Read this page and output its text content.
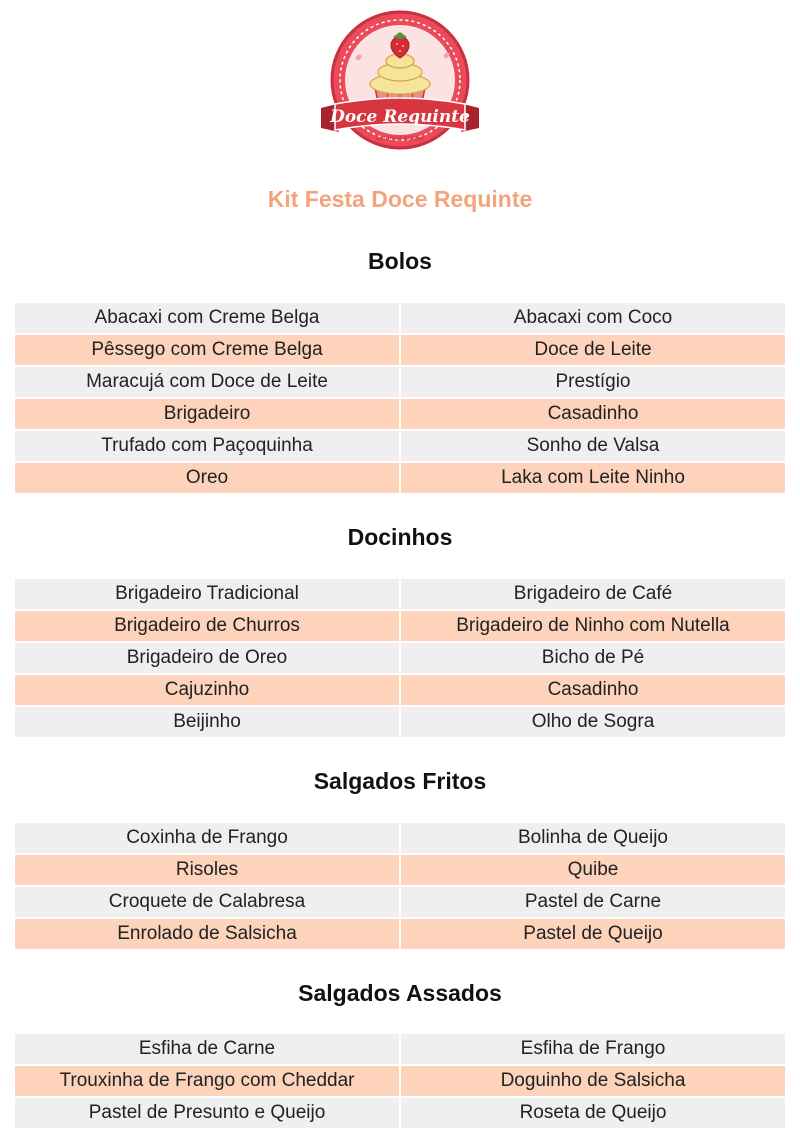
Doce Requinte
Gourmet Acepor
Kit Festa Doce Requinte
Bolos
Abacaxi com Creme Belga	Abacaxi com Coco
Pêssego com Creme Belga	Doce de Leite
Maracujá com Doce de Leite	Prestígio
Brigadeiro	Casadinho
Trufado com Paçoquinha	Sonho de Valsa
Oreo	Laka com Leite Ninho
Docinhos
Brigadeiro Tradicional	Brigadeiro de Café
Brigadeiro de Churros	Brigadeiro de Ninho com Nutella
Brigadeiro de Oreo	Bicho de Pé
Cajuzinho	Casadinho
Beijinho	Olho de Sogra
Salgados Fritos
Coxinha de Frango	Bolinha de Queijo
Risoles	Quibe
Croquete de Calabresa	Pastel de Carne
Enrolado de Salsicha	Pastel de Queijo
Salgados Assados
Esfiha de Carne	Esfiha de Frango
Trouxinha de Frango com Cheddar	Doguinho de Salsicha
Pastel de Presunto e Queijo	Roseta de Queijo
